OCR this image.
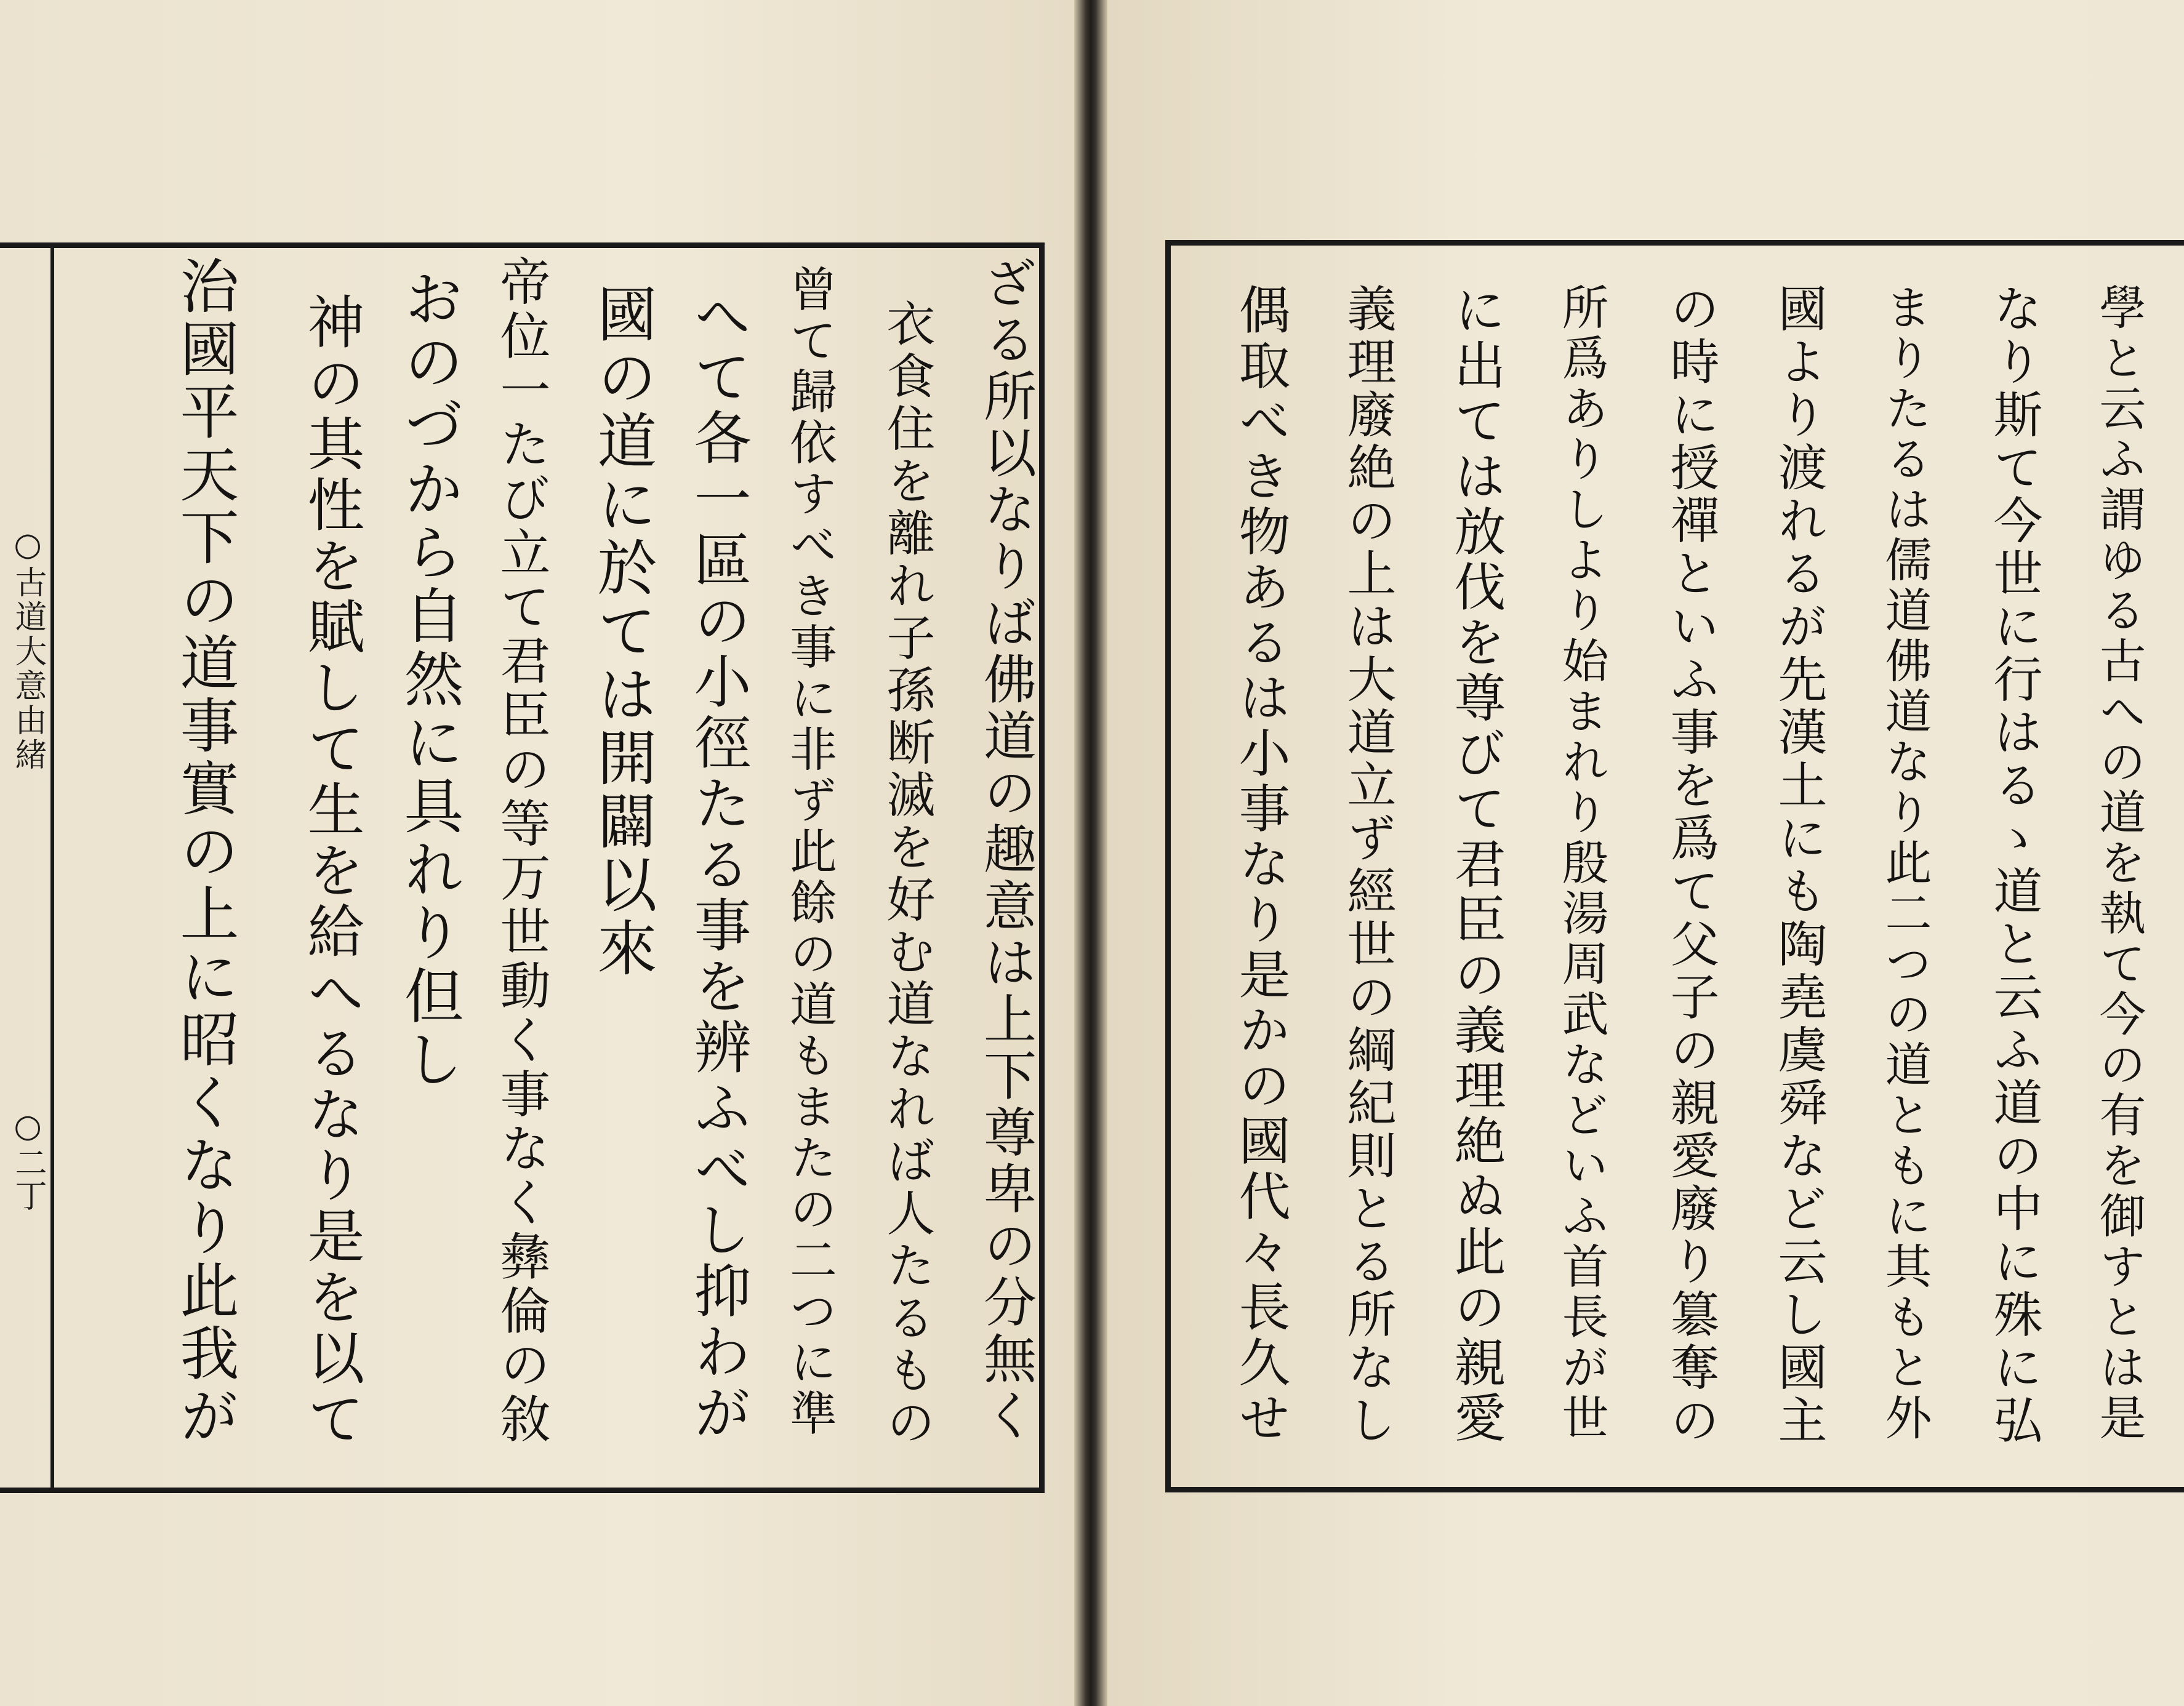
○古道大意由緒
○二丁	ざる所以なりば佛道の趣意は上下尊卑の分無く
衣食住を離れ子孫断滅を好む道なれば人たるもの
曾て歸依すべき事に非ず此餘の道もまたの二つに準
へて各一區の小徑たる事を辨ふべし抑わが
國の道に於ては開闢以來
帝位一たび立て君臣の等万世動く事なく彝倫の敘
おのづから自然に具れり但し
神の其性を賦して生を給へるなり是を以て
治國平天下の道事實の上に昭くなり此我が	學と云ふ謂ゆる古への道を執て今の有を御すとは是
なり斯て今世に行はるゝ道と云ふ道の中に殊に弘
まりたるは儒道佛道なり此二つの道ともに其もと外
國より渡れるが先漢土にも陶堯虞舜など云し國主
の時に授禪といふ事を爲て父子の親愛廢り簒奪の
所爲ありしより始まれり殷湯周武などいふ首長が世
に出ては放伐を尊びて君臣の義理絶ぬ此の親愛
義理廢絶の上は大道立ず經世の綱紀則とる所なし
偶取べき物あるは小事なり是かの國代々長久せ
